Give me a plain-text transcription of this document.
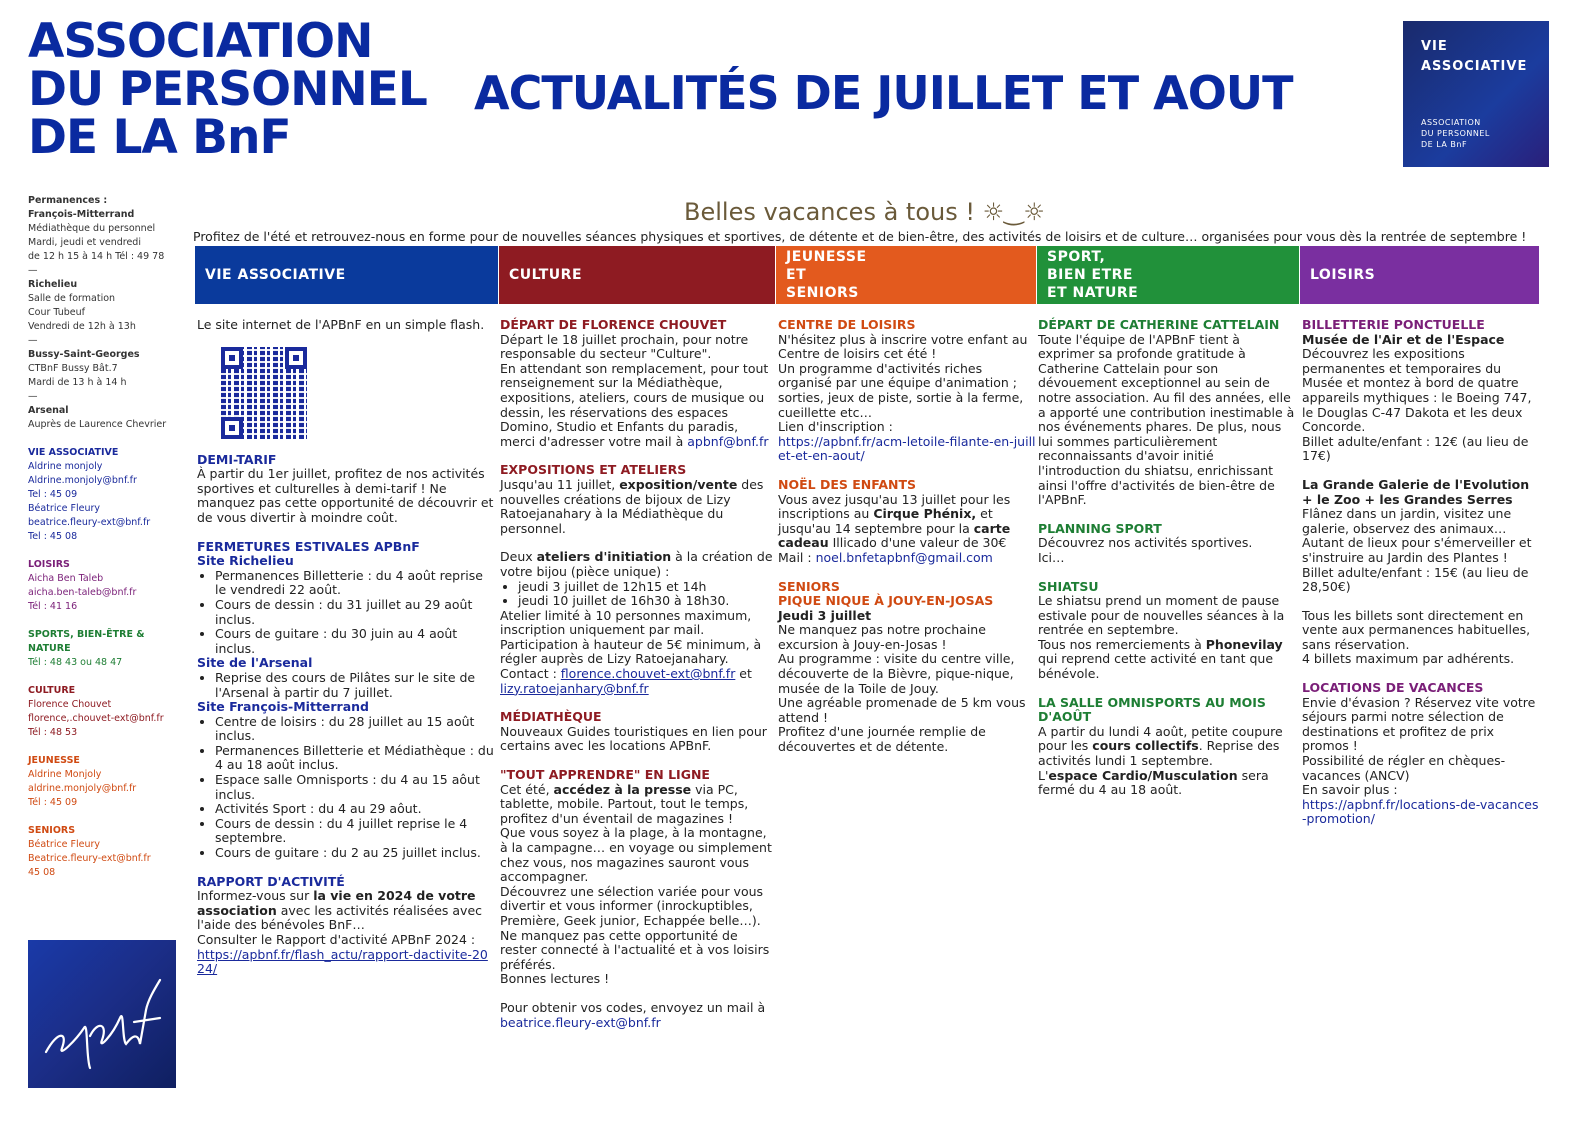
ASSOCIATION
DU PERSONNEL
DE LA BnF
ACTUALITÉS DE JUILLET ET AOUT
VIE
ASSOCIATIVE
ASSOCIATION
DU PERSONNEL
DE LA BnF
Permanences :
François-Mitterrand
Médiathèque du personnel
Mardi, jeudi et vendredi
de 12 h 15 à 14 h Tél : 49 78
—
Richelieu
Salle de formation
Cour Tubeuf
Vendredi de 12h à 13h
—
Bussy-Saint-Georges
CTBnF Bussy Bât.7
Mardi de 13 h à 14 h
—
Arsenal
Auprès de Laurence Chevrier
VIE ASSOCIATIVE
Aldrine monjoly
Aldrine.monjoly@bnf.fr
Tel : 45 09
Béatrice Fleury
beatrice.fleury-ext@bnf.fr
Tel : 45 08
LOISIRS
Aicha Ben Taleb
aicha.ben-taleb@bnf.fr
Tél : 41 16
SPORTS, BIEN-ÊTRE & NATURE
Tél : 48 43 ou 48 47
CULTURE
Florence Chouvet
florence,.chouvet-ext@bnf.fr
Tél : 48 53
JEUNESSE
Aldrine Monjoly
aldrine.monjoly@bnf.fr
Tél : 45 09
SENIORS
Béatrice Fleury
Beatrice.fleury-ext@bnf.fr
45 08
apbnf
Belles vacances à tous ! ☼‿☼
Profitez de l'été et retrouvez-nous en forme pour de nouvelles séances physiques et sportives, de détente et de bien-être, des activités de loisirs et de culture… organisées pour vous dès la rentrée de septembre !
VIE ASSOCIATIVE	CULTURE
JEUNESSE
ET
SENIORS
SPORT,
BIEN ETRE
ET NATURE
LOISIRS

Le site internet de l'APBnF en un simple flash.

DEMI-TARIF

À partir du 1er juillet, profitez de nos activités sportives et culturelles à demi-tarif ! Ne manquez pas cette opportunité de découvrir et de vous divertir à moindre coût.

FERMETURES ESTIVALES APBnF

Site Richelieu

• Permanences Billetterie : du 4 août reprise le vendredi 22 août.
• Cours de dessin : du 31 juillet au 29 août inclus.
• Cours de guitare : du 30 juin au 4 août inclus.

Site de l'Arsenal

• Reprise des cours de Pilâtes sur le site de l'Arsenal à partir du 7 juillet.

Site François-Mitterrand

• Centre de loisirs : du 28 juillet au 15 août inclus.
• Permanences Billetterie et Médiathèque : du 4 au 18 août inclus.
• Espace salle Omnisports : du 4 au 15 aôut inclus.
• Activités Sport : du 4 au 29 aôut.
• Cours de dessin : du 4 juillet reprise le 4 septembre.
• Cours de guitare : du 2 au 25 juillet inclus.

RAPPORT D'ACTIVITÉ

Informez-vous sur la vie en 2024 de votre association avec les activités réalisées avec l'aide des bénévoles BnF…

Consulter le Rapport d'activité APBnF 2024 :

https://apbnf.fr/flash_actu/rapport-dactivite-2024/

DÉPART DE FLORENCE CHOUVET

Départ le 18 juillet prochain, pour notre responsable du secteur "Culture".

En attendant son remplacement, pour tout renseignement sur la Médiathèque, expositions, ateliers, cours de musique ou dessin, les réservations des espaces Domino, Studio et Enfants du paradis, merci d'adresser votre mail à apbnf@bnf.fr

EXPOSITIONS ET ATELIERS

Jusqu'au 11 juillet, exposition/vente des nouvelles créations de bijoux de Lizy Ratoejanahary à la Médiathèque du personnel.

Deux ateliers d'initiation à la création de votre bijou (pièce unique) :

• jeudi 3 juillet de 12h15 et 14h
• jeudi 10 juillet de 16h30 à 18h30.

Atelier limité à 10 personnes maximum, inscription uniquement par mail.

Participation à hauteur de 5€ minimum, à régler auprès de Lizy Ratoejanahary.

Contact : florence.chouvet-ext@bnf.fr et

lizy.ratoejanhary@bnf.fr

MÉDIATHÈQUE

Nouveaux Guides touristiques en lien pour certains avec les locations APBnF.

"TOUT APPRENDRE" EN LIGNE

Cet été, accédez à la presse via PC, tablette, mobile. Partout, tout le temps, profitez d'un éventail de magazines !

Que vous soyez à la plage, à la montagne, à la campagne… en voyage ou simplement chez vous, nos magazines sauront vous accompagner.

Découvrez une sélection variée pour vous divertir et vous informer (inrockuptibles, Première, Geek junior, Echappée belle…).

Ne manquez pas cette opportunité de rester connecté à l'actualité et à vos loisirs préférés.

Bonnes lectures !

Pour obtenir vos codes, envoyez un mail à

beatrice.fleury-ext@bnf.fr

CENTRE DE LOISIRS

N'hésitez plus à inscrire votre enfant au Centre de loisirs cet été !

Un programme d'activités riches organisé par une équipe d'animation ; sorties, jeux de piste, sortie à la ferme, cueillette etc…

Lien d'inscription :

https://apbnf.fr/acm-letoile-filante-en-juillet-et-en-aout/

NOËL DES ENFANTS

Vous avez jusqu'au 13 juillet pour les inscriptions au Cirque Phénix, et jusqu'au 14 septembre pour la carte cadeau Illicado d'une valeur de 30€

Mail : noel.bnfetapbnf@gmail.com

SENIORS

PIQUE NIQUE À JOUY-EN-JOSAS

Jeudi 3 juillet

Ne manquez pas notre prochaine excursion à Jouy-en-Josas !

Au programme : visite du centre ville, découverte de la Bièvre, pique-nique, musée de la Toile de Jouy.

Une agréable promenade de 5 km vous attend !

Profitez d'une journée remplie de découvertes et de détente.

DÉPART DE CATHERINE CATTELAIN

Toute l'équipe de l'APBnF tient à exprimer sa profonde gratitude à Catherine Cattelain pour son dévouement exceptionnel au sein de notre association. Au fil des années, elle a apporté une contribution inestimable à nos événements phares. De plus, nous lui sommes particulièrement reconnaissants d'avoir initié l'introduction du shiatsu, enrichissant ainsi l'offre d'activités de bien-être de l'APBnF.

PLANNING SPORT

Découvrez nos activités sportives.

Ici…

SHIATSU

Le shiatsu prend un moment de pause estivale pour de nouvelles séances à la rentrée en septembre.

Tous nos remerciements à Phonevilay qui reprend cette activité en tant que bénévole.

LA SALLE OMNISPORTS AU MOIS D'AOÛT

A partir du lundi 4 août, petite coupure pour les cours collectifs. Reprise des activités lundi 1 septembre.

L'espace Cardio/Musculation sera fermé du 4 au 18 août.

BILLETTERIE PONCTUELLE

Musée de l'Air et de l'Espace

Découvrez les expositions permanentes et temporaires du Musée et montez à bord de quatre appareils mythiques : le Boeing 747, le Douglas C-47 Dakota et les deux Concorde.

Billet adulte/enfant : 12€ (au lieu de 17€)

La Grande Galerie de l'Evolution + le Zoo + les Grandes Serres

Flânez dans un jardin, visitez une galerie, observez des animaux…

Autant de lieux pour s'émerveiller et s'instruire au Jardin des Plantes !

Billet adulte/enfant : 15€ (au lieu de 28,50€)

Tous les billets sont directement en vente aux permanences habituelles, sans réservation.

4 billets maximum par adhérents.

LOCATIONS DE VACANCES

Envie d'évasion ? Réservez vite votre séjours parmi notre sélection de destinations et profitez de prix promos !

Possibilité de régler en chèques-vacances (ANCV)

En savoir plus :

https://apbnf.fr/locations-de-vacances-promotion/
